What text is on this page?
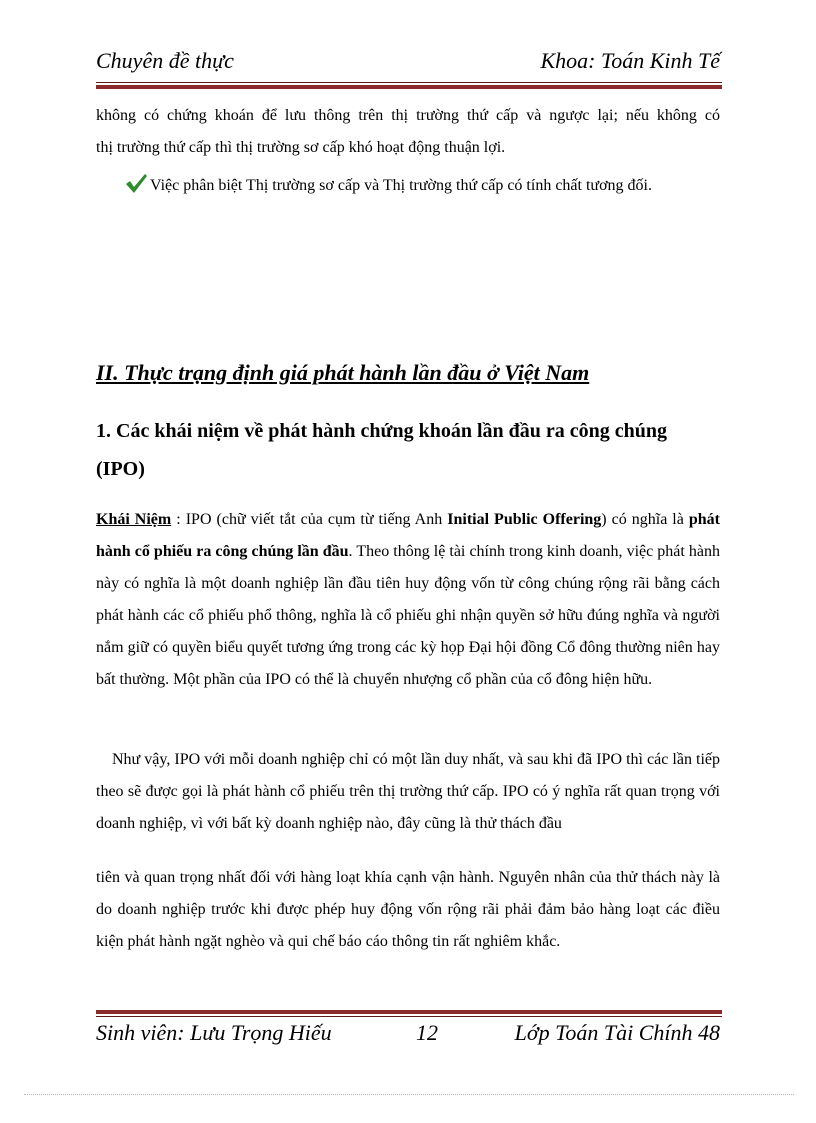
Chuyên đề thực	Khoa: Toán Kinh Tế
không có chứng khoán để lưu thông trên thị trường thứ cấp và ngược lại; nếu không có
thị trường thứ cấp thì thị trường sơ cấp khó hoạt động thuận lợi.
Việc phân biệt Thị trường sơ cấp và Thị trường thứ cấp có tính chất tương đối.
II. Thực trạng định giá phát hành lần đầu ở Việt Nam
1. Các khái niệm về phát hành chứng khoán lần đầu ra công chúng (IPO)
Khái Niệm : IPO (chữ viết tắt của cụm từ tiếng Anh Initial Public Offering) có nghĩa là phát hành cổ phiếu ra công chúng lần đầu. Theo thông lệ tài chính trong kinh doanh, việc phát hành này có nghĩa là một doanh nghiệp lần đầu tiên huy động vốn từ công chúng rộng rãi bằng cách phát hành các cổ phiếu phổ thông, nghĩa là cổ phiếu ghi nhận quyền sở hữu đúng nghĩa và người nắm giữ có quyền biểu quyết tương ứng trong các kỳ họp Đại hội đồng Cổ đông thường niên hay bất thường. Một phần của IPO có thể là chuyển nhượng cổ phần của cổ đông hiện hữu.
Như vậy, IPO với mỗi doanh nghiệp chỉ có một lần duy nhất, và sau khi đã IPO thì các lần tiếp theo sẽ được gọi là phát hành cổ phiếu trên thị trường thứ cấp. IPO có ý nghĩa rất quan trọng với doanh nghiệp, vì với bất kỳ doanh nghiệp nào, đây cũng là thử thách đầu
tiên và quan trọng nhất đối với hàng loạt khía cạnh vận hành. Nguyên nhân của thử thách này là do doanh nghiệp trước khi được phép huy động vốn rộng rãi phải đảm bảo hàng loạt các điều kiện phát hành ngặt nghèo và qui chế báo cáo thông tin rất nghiêm khắc.
Sinh viên: Lưu Trọng Hiếu	12	Lớp Toán Tài Chính 48
